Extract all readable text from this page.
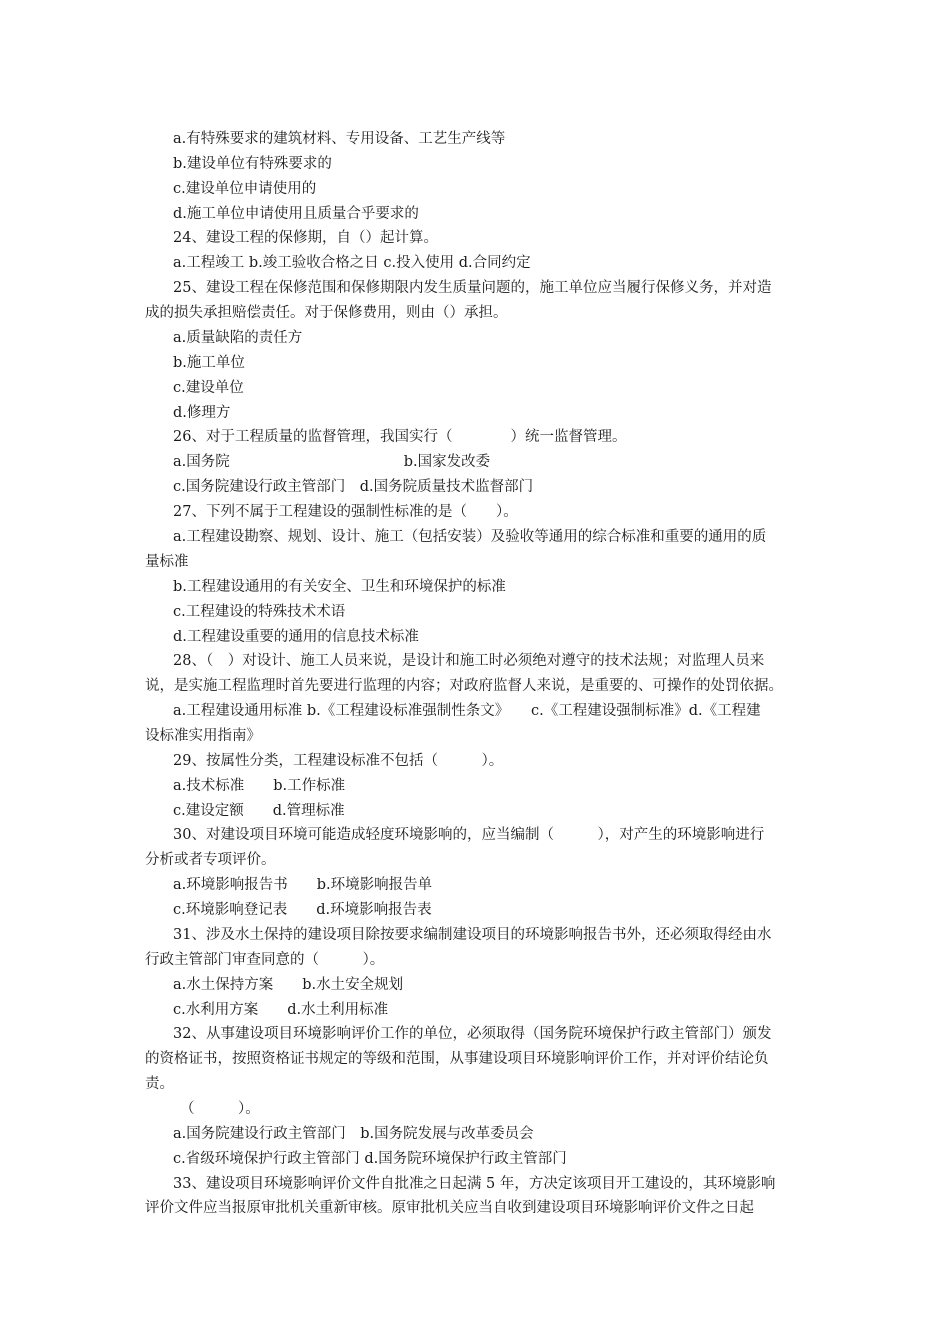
a.有特殊要求的建筑材料、专用设备、工艺生产线等
b.建设单位有特殊要求的
c.建设单位申请使用的
d.施工单位申请使用且质量合乎要求的
24、建设工程的保修期，自（）起计算。
a.工程竣工 b.竣工验收合格之日 c.投入使用 d.合同约定
25、建设工程在保修范围和保修期限内发生质量问题的，施工单位应当履行保修义务，并对造
成的损失承担赔偿责任。对于保修费用，则由（）承担。
a.质量缺陷的责任方
b.施工单位
c.建设单位
d.修理方
26、对于工程质量的监督管理，我国实行（　　　　）统一监督管理。
a.国务院　　　　　　　　　　　　b.国家发改委
c.国务院建设行政主管部门　d.国务院质量技术监督部门
27、下列不属于工程建设的强制性标准的是（　　）。
a.工程建设勘察、规划、设计、施工（包括安装）及验收等通用的综合标准和重要的通用的质
量标准
b.工程建设通用的有关安全、卫生和环境保护的标准
c.工程建设的特殊技术术语
d.工程建设重要的通用的信息技术标准
28、（　）对设计、施工人员来说，是设计和施工时必须绝对遵守的技术法规；对监理人员来
说，是实施工程监理时首先要进行监理的内容；对政府监督人来说，是重要的、可操作的处罚依据。
a.工程建设通用标准 b.《工程建设标准强制性条文》　　c.《工程建设强制标准》d.《工程建
设标准实用指南》
29、按属性分类，工程建设标准不包括（　　　）。
a.技术标准　　b.工作标准
c.建设定额　　d.管理标准
30、对建设项目环境可能造成轻度环境影响的，应当编制（　　　），对产生的环境影响进行
分析或者专项评价。
a.环境影响报告书　　b.环境影响报告单
c.环境影响登记表　　d.环境影响报告表
31、涉及水土保持的建设项目除按要求编制建设项目的环境影响报告书外，还必须取得经由水
行政主管部门审查同意的（　　　）。
a.水土保持方案　　b.水土安全规划
c.水利用方案　　d.水土利用标准
32、从事建设项目环境影响评价工作的单位，必须取得（国务院环境保护行政主管部门）颁发
的资格证书，按照资格证书规定的等级和范围，从事建设项目环境影响评价工作，并对评价结论负
责。
（　　　）。
a.国务院建设行政主管部门　b.国务院发展与改革委员会
c.省级环境保护行政主管部门 d.国务院环境保护行政主管部门
33、建设项目环境影响评价文件自批准之日起满 5 年，方决定该项目开工建设的，其环境影响
评价文件应当报原审批机关重新审核。原审批机关应当自收到建设项目环境影响评价文件之日起
